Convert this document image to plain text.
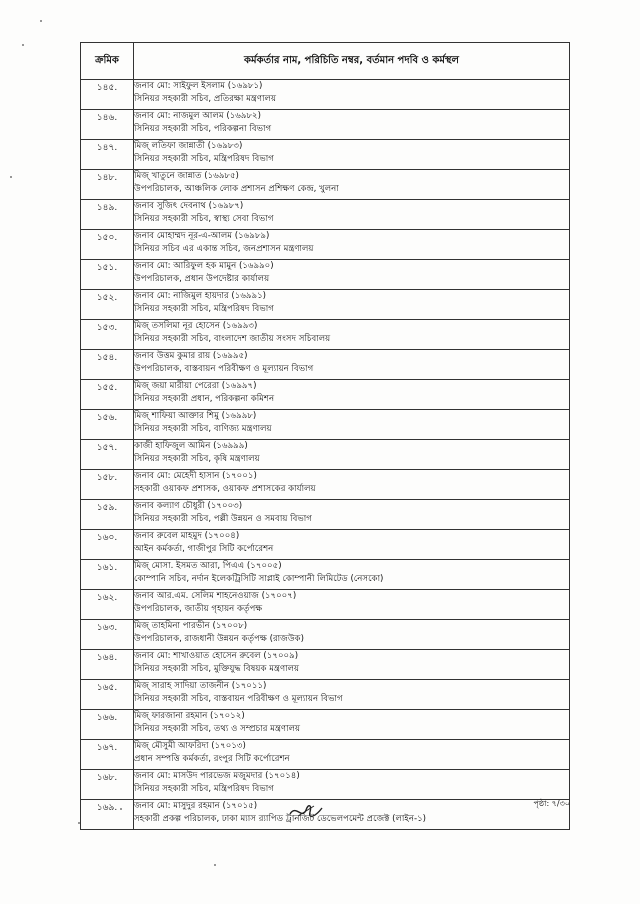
ক্রমিক	কর্মকর্তার নাম, পরিচিতি নম্বর, বর্তমান পদবি ও কর্মস্থল
১৪৫.	জনাব মো: সাইফুল ইসলাম (১৬৯৮১)
সিনিয়র সহকারী সচিব, প্রতিরক্ষা মন্ত্রণালয়

১৪৬.	জনাব মো: নাজমুল আলম (১৬৯৮২)
সিনিয়র সহকারী সচিব, পরিকল্পনা বিভাগ

১৪৭.	মিজ্ লতিফা জান্নাতী (১৬৯৮৩)
সিনিয়র সহকারী সচিব, মন্ত্রিপরিষদ বিভাগ

১৪৮.	মিজ্ খাতুনে জান্নাত (১৬৯৮৫)
উপপরিচালক, আঞ্চলিক লোক প্রশাসন প্রশিক্ষণ কেন্দ্র, খুলনা

১৪৯.	জনাব সুজিৎ দেবনাথ (১৬৯৮৭)
সিনিয়র সহকারী সচিব, স্বাস্থ্য সেবা বিভাগ

১৫০.	জনাব মোহাম্মদ নূর-এ-আলম (১৬৯৮৯)
সিনিয়র সচিব এর একান্ত সচিব, জনপ্রশাসন মন্ত্রণালয়

১৫১.	জনাব মো: আরিফুল হক মামুন (১৬৯৯০)
উপপরিচালক, প্রধান উপদেষ্টার কার্যালয়

১৫২.	জনাব মো: নাজিমুল হায়দার (১৬৯৯১)
সিনিয়র সহকারী সচিব, মন্ত্রিপরিষদ বিভাগ

১৫৩.	মিজ্ তসলিমা নূর হোসেন (১৬৯৯৩)
সিনিয়র সহকারী সচিব, বাংলাদেশ জাতীয় সংসদ সচিবালয়

১৫৪.	জনাব উত্তম কুমার রায় (১৬৯৯৫)
উপপরিচালক, বাস্তবায়ন পরিবীক্ষণ ও মূল্যায়ন বিভাগ

১৫৫.	মিজ্ জয়া মারীয়া পেরেরা (১৬৯৯৭)
সিনিয়র সহকারী প্রধান, পরিকল্পনা কমিশন

১৫৬.	মিজ্ শাফিয়া আক্তার শিমু (১৬৯৯৮)
সিনিয়র সহকারী সচিব, বাণিজ্য মন্ত্রণালয়

১৫৭.	কাজী হাফিজুল আমিন (১৬৯৯৯)
সিনিয়র সহকারী সচিব, কৃষি মন্ত্রণালয়

১৫৮.	জনাব মো: মেহেদী হাসান (১৭০০১)
সহকারী ওয়াকফ প্রশাসক, ওয়াকফ প্রশাসকের কার্যালয়

১৫৯.	জনাব কল্যাণ চৌধুরী (১৭০০৩)
সিনিয়র সহকারী সচিব, পল্লী উন্নয়ন ও সমবায় বিভাগ

১৬০.	জনাব রুবেল মাহমুদ (১৭০০৪)
আইন কর্মকর্তা, গাজীপুর সিটি কর্পোরেশন

১৬১.	মিজ্ মোসা. ইসমত আরা, পিএএ (১৭০০৫)
কোম্পানি সচিব, নর্দান ইলেকট্রিসিটি সাপ্লাই কোম্পানী লিমিটেড (নেসকো)

১৬২.	জনাব আর.এম. সেলিম শাহনেওয়াজ (১৭০০৭)
উপপরিচালক, জাতীয় গৃহায়ন কর্তৃপক্ষ

১৬৩.	মিজ্ তাহমিনা পারভীন (১৭০০৮)
উপপরিচালক, রাজধানী উন্নয়ন কর্তৃপক্ষ (রাজউক)

১৬৪.	জনাব মো: শাখাওয়াত হোসেন রুবেল (১৭০০৯)
সিনিয়র সহকারী সচিব, মুক্তিযুদ্ধ বিষয়ক মন্ত্রণালয়

১৬৫.	মিজ্ সারাহ সাদিয়া তাজনীন (১৭০১১)
সিনিয়র সহকারী সচিব, বাস্তবায়ন পরিবীক্ষণ ও মূল্যায়ন বিভাগ

১৬৬.	মিজ্ ফারজানা রহমান (১৭০১২)
সিনিয়র সহকারী সচিব, তথ্য ও সম্প্রচার মন্ত্রণালয়

১৬৭.	মিজ্ মৌসুমী আফরিদা (১৭০১৩)
প্রধান সম্পত্তি কর্মকর্তা, রংপুর সিটি কর্পোরেশন

১৬৮.	জনাব মো: মাসউদ পারভেজ মজুমদার (১৭০১৪)
সিনিয়র সহকারী সচিব, মন্ত্রিপরিষদ বিভাগ

১৬৯.	জনাব মো: মাসুদুর রহমান (১৭০১৫)
সহকারী প্রকল্প পরিচালক, ঢাকা ম্যাস র‌্যাপিড ট্রানজিট ডেভেলপমেন্ট প্রজেক্ট (লাইন-১)
পৃষ্ঠা: ৭/৩০
